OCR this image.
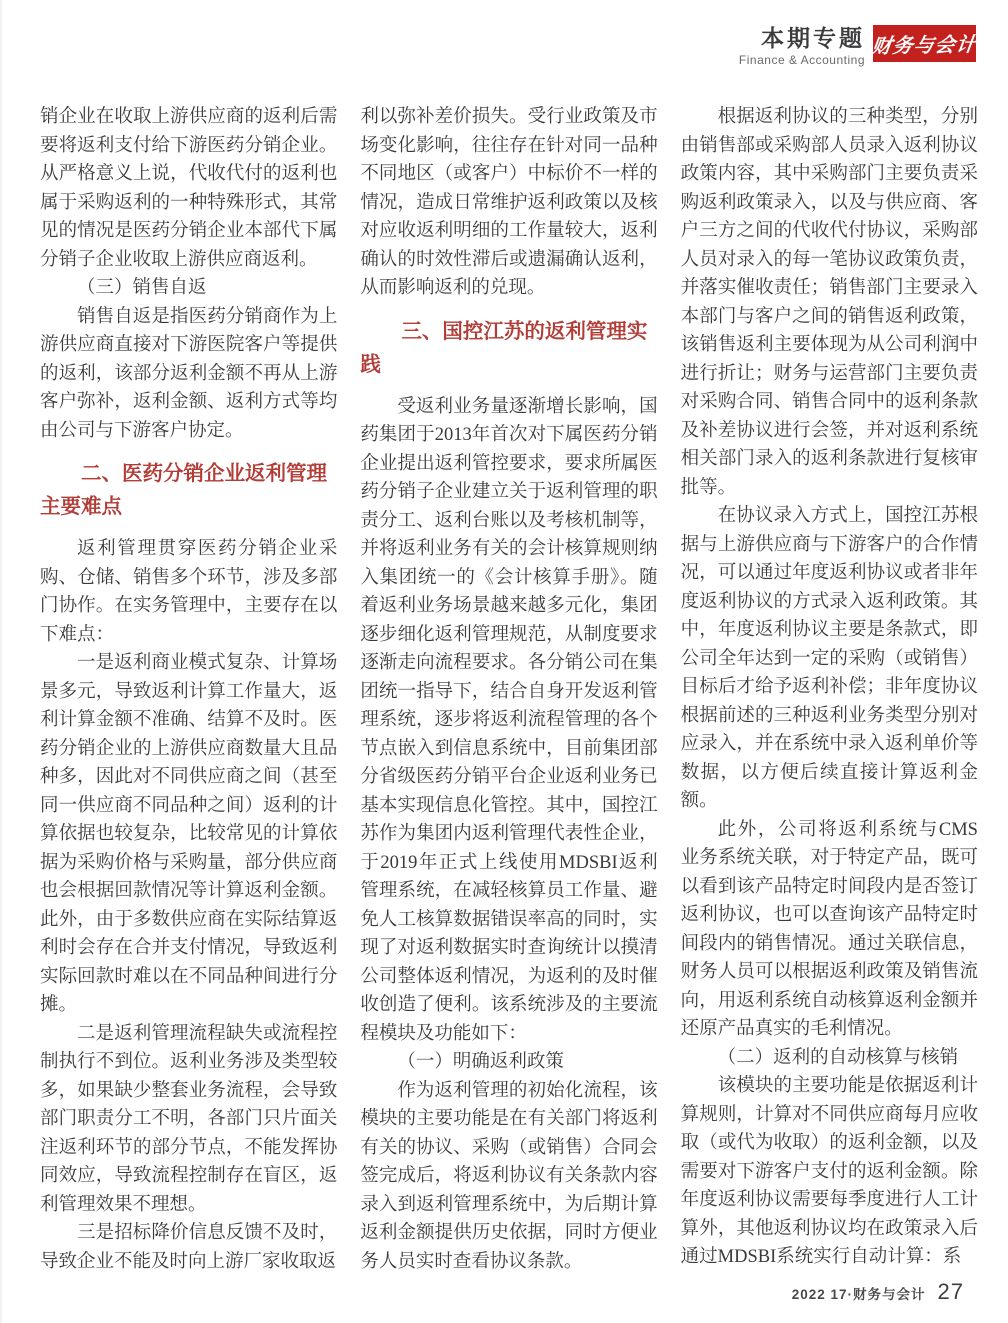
本期专题
Finance & Accounting
财务与会计

销企业在收取上游供应商的返利后需要将返利支付给下游医药分销企业。从严格意义上说，代收代付的返利也属于采购返利的一种特殊形式，其常见的情况是医药分销企业本部代下属分销子企业收取上游供应商返利。

（三）销售自返

销售自返是指医药分销商作为上游供应商直接对下游医院客户等提供的返利，该部分返利金额不再从上游客户弥补，返利金额、返利方式等均由公司与下游客户协定。

二、医药分销企业返利管理主要难点

返利管理贯穿医药分销企业采购、仓储、销售多个环节，涉及多部门协作。在实务管理中，主要存在以下难点：

一是返利商业模式复杂、计算场景多元，导致返利计算工作量大，返利计算金额不准确、结算不及时。医药分销企业的上游供应商数量大且品种多，因此对不同供应商之间（甚至同一供应商不同品种之间）返利的计算依据也较复杂，比较常见的计算依据为采购价格与采购量，部分供应商也会根据回款情况等计算返利金额。此外，由于多数供应商在实际结算返利时会存在合并支付情况，导致返利实际回款时难以在不同品种间进行分摊。

二是返利管理流程缺失或流程控制执行不到位。返利业务涉及类型较多，如果缺少整套业务流程，会导致部门职责分工不明，各部门只片面关注返利环节的部分节点，不能发挥协同效应，导致流程控制存在盲区，返利管理效果不理想。

三是招标降价信息反馈不及时，导致企业不能及时向上游厂家收取返

利以弥补差价损失。受行业政策及市场变化影响，往往存在针对同一品种不同地区（或客户）中标价不一样的情况，造成日常维护返利政策以及核对应收返利明细的工作量较大，返利确认的时效性滞后或遗漏确认返利，从而影响返利的兑现。

三、国控江苏的返利管理实践

受返利业务量逐渐增长影响，国药集团于2013年首次对下属医药分销企业提出返利管控要求，要求所属医药分销子企业建立关于返利管理的职责分工、返利台账以及考核机制等，并将返利业务有关的会计核算规则纳入集团统一的《会计核算手册》。随着返利业务场景越来越多元化，集团逐步细化返利管理规范，从制度要求逐渐走向流程要求。各分销公司在集团统一指导下，结合自身开发返利管理系统，逐步将返利流程管理的各个节点嵌入到信息系统中，目前集团部分省级医药分销平台企业返利业务已基本实现信息化管控。其中，国控江苏作为集团内返利管理代表性企业，于2019年正式上线使用MDSBI返利管理系统，在减轻核算员工作量、避免人工核算数据错误率高的同时，实现了对返利数据实时查询统计以摸清公司整体返利情况，为返利的及时催收创造了便利。该系统涉及的主要流程模块及功能如下：

（一）明确返利政策

作为返利管理的初始化流程，该模块的主要功能是在有关部门将返利有关的协议、采购（或销售）合同会签完成后，将返利协议有关条款内容录入到返利管理系统中，为后期计算返利金额提供历史依据，同时方便业务人员实时查看协议条款。

根据返利协议的三种类型，分别由销售部或采购部人员录入返利协议政策内容，其中采购部门主要负责采购返利政策录入，以及与供应商、客户三方之间的代收代付协议，采购部人员对录入的每一笔协议政策负责，并落实催收责任；销售部门主要录入本部门与客户之间的销售返利政策，该销售返利主要体现为从公司利润中进行折让；财务与运营部门主要负责对采购合同、销售合同中的返利条款及补差协议进行会签，并对返利系统相关部门录入的返利条款进行复核审批等。

在协议录入方式上，国控江苏根据与上游供应商与下游客户的合作情况，可以通过年度返利协议或者非年度返利协议的方式录入返利政策。其中，年度返利协议主要是条款式，即公司全年达到一定的采购（或销售）目标后才给予返利补偿；非年度协议根据前述的三种返利业务类型分别对应录入，并在系统中录入返利单价等数据，以方便后续直接计算返利金额。

此外，公司将返利系统与CMS业务系统关联，对于特定产品，既可以看到该产品特定时间段内是否签订返利协议，也可以查询该产品特定时间段内的销售情况。通过关联信息，财务人员可以根据返利政策及销售流向，用返利系统自动核算返利金额并还原产品真实的毛利情况。

（二）返利的自动核算与核销

该模块的主要功能是依据返利计算规则，计算对不同供应商每月应收取（或代为收取）的返利金额，以及需要对下游客户支付的返利金额。除年度返利协议需要每季度进行人工计算外，其他返利协议均在政策录入后通过MDSBI系统实行自动计算：系

2022 17·财务与会计 27
